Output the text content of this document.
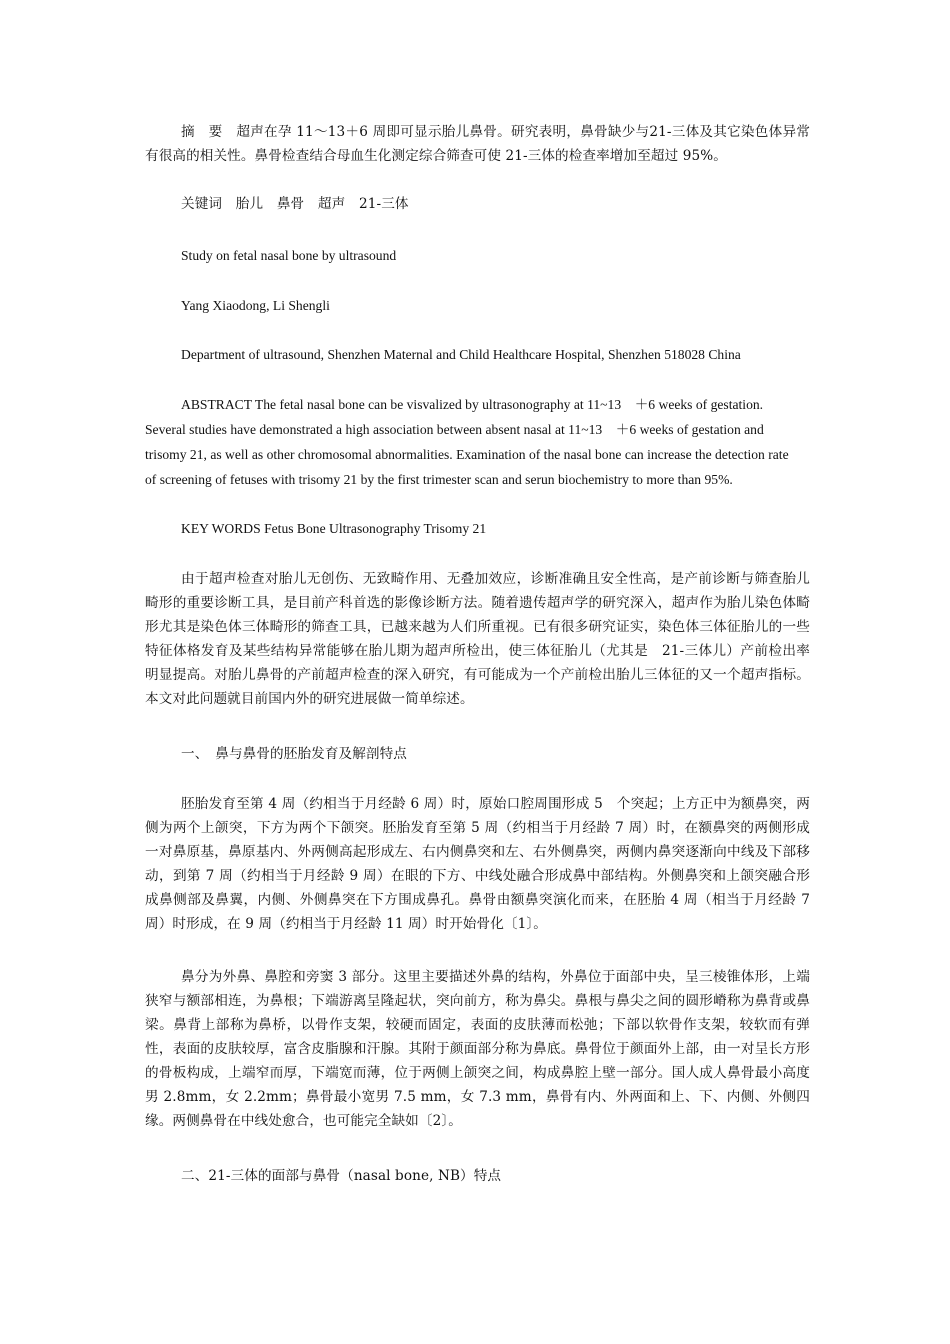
摘　要　超声在孕 11～13＋6 周即可显示胎儿鼻骨。研究表明，鼻骨缺少与21-三体及其它染色体异常有很高的相关性。鼻骨检查结合母血生化测定综合筛查可使 21-三体的检查率增加至超过 95%。

关键词　胎儿　鼻骨　超声　21-三体

Study on fetal nasal bone by ultrasound

Yang Xiaodong, Li Shengli

Department of ultrasound, Shenzhen Maternal and Child Healthcare Hospital, Shenzhen 518028 China

ABSTRACT The fetal nasal bone can be visvalized by ultrasonography at 11~13　＋6 weeks of gestation. Several studies have demonstrated a high association between absent nasal at 11~13　＋6 weeks of gestation and trisomy 21, as well as other chromosomal abnormalities. Examination of the nasal bone can increase the detection rate of screening of fetuses with trisomy 21 by the first trimester scan and serun biochemistry to more than 95%.

KEY WORDS Fetus Bone Ultrasonography Trisomy 21

由于超声检查对胎儿无创伤、无致畸作用、无叠加效应，诊断准确且安全性高，是产前诊断与筛查胎儿畸形的重要诊断工具，是目前产科首选的影像诊断方法。随着遗传超声学的研究深入，超声作为胎儿染色体畸形尤其是染色体三体畸形的筛查工具，已越来越为人们所重视。已有很多研究证实，染色体三体征胎儿的一些特征体格发育及某些结构异常能够在胎儿期为超声所检出，使三体征胎儿（尤其是　21-三体儿）产前检出率明显提高。对胎儿鼻骨的产前超声检查的深入研究，有可能成为一个产前检出胎儿三体征的又一个超声指标。本文对此问题就目前国内外的研究进展做一简单综述。

一、　鼻与鼻骨的胚胎发育及解剖特点

胚胎发育至第 4 周（约相当于月经龄 6 周）时，原始口腔周围形成 5　个突起；上方正中为额鼻突，两侧为两个上颌突，下方为两个下颌突。胚胎发育至第 5 周（约相当于月经龄 7 周）时，在额鼻突的两侧形成一对鼻原基，鼻原基内、外两侧高起形成左、右内侧鼻突和左、右外侧鼻突，两侧内鼻突逐渐向中线及下部移动，到第 7 周（约相当于月经龄 9 周）在眼的下方、中线处融合形成鼻中部结构。外侧鼻突和上颌突融合形成鼻侧部及鼻翼，内侧、外侧鼻突在下方围成鼻孔。鼻骨由额鼻突演化而来，在胚胎 4 周（相当于月经龄 7 周）时形成，在 9 周（约相当于月经龄 11 周）时开始骨化〔1〕。

鼻分为外鼻、鼻腔和旁窦 3 部分。这里主要描述外鼻的结构，外鼻位于面部中央，呈三棱锥体形，上端狭窄与额部相连，为鼻根；下端游离呈隆起状，突向前方，称为鼻尖。鼻根与鼻尖之间的圆形嵴称为鼻背或鼻梁。鼻背上部称为鼻桥，以骨作支架，较硬而固定，表面的皮肤薄而松弛；下部以软骨作支架，较软而有弹性，表面的皮肤较厚，富含皮脂腺和汗腺。其附于颜面部分称为鼻底。鼻骨位于颜面外上部，由一对呈长方形的骨板构成，上端窄而厚，下端宽而薄，位于两侧上颌突之间，构成鼻腔上壁一部分。国人成人鼻骨最小高度男 2.8mm，女 2.2mm；鼻骨最小宽男 7.5 mm，女 7.3 mm，鼻骨有内、外两面和上、下、内侧、外侧四缘。两侧鼻骨在中线处愈合，也可能完全缺如〔2〕。

二、21-三体的面部与鼻骨（nasal bone, NB）特点
